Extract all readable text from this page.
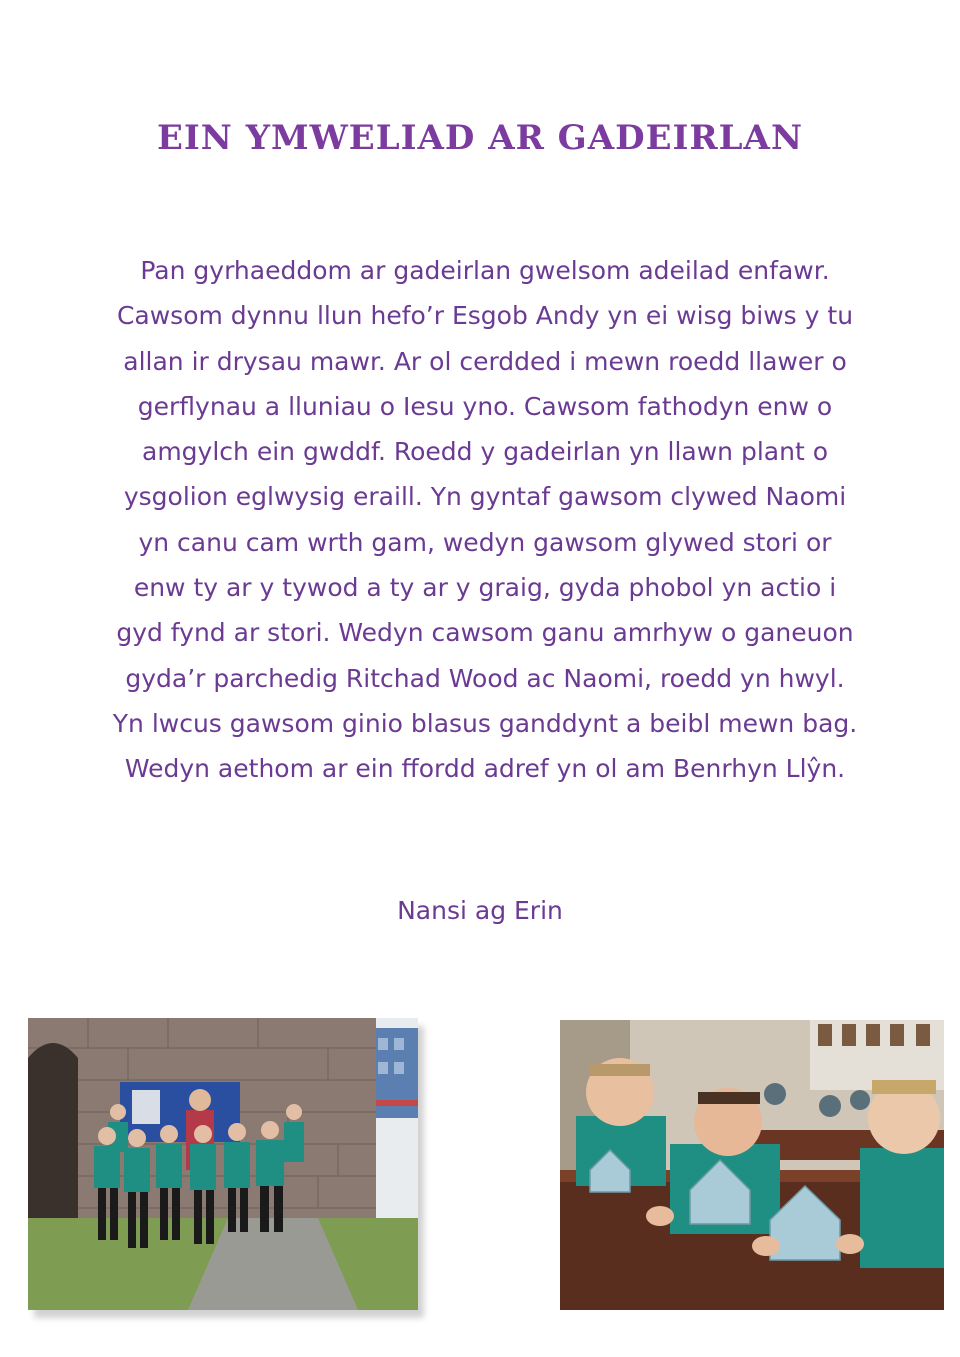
EIN YMWELIAD AR GADEIRLAN

Pan gyrhaeddom ar gadeirlan gwelsom adeilad enfawr. Cawsom dynnu llun hefo’r Esgob Andy yn ei wisg biws y tu allan ir drysau mawr. Ar ol cerdded i mewn roedd llawer o gerflynau a lluniau o Iesu yno. Cawsom fathodyn enw o amgylch ein gwddf. Roedd y gadeirlan yn llawn plant o ysgolion eglwysig eraill. Yn gyntaf gawsom clywed Naomi yn canu cam wrth gam, wedyn gawsom glywed stori or enw ty ar y tywod a ty ar y graig, gyda phobol yn actio i gyd fynd ar stori. Wedyn cawsom ganu amrhyw o ganeuon gyda’r parchedig Ritchad Wood ac Naomi, roedd yn hwyl. Yn lwcus gawsom ginio blasus ganddynt a beibl mewn bag. Wedyn aethom ar ein ffordd adref yn ol am Benrhyn Llŷn.

Nansi ag Erin
